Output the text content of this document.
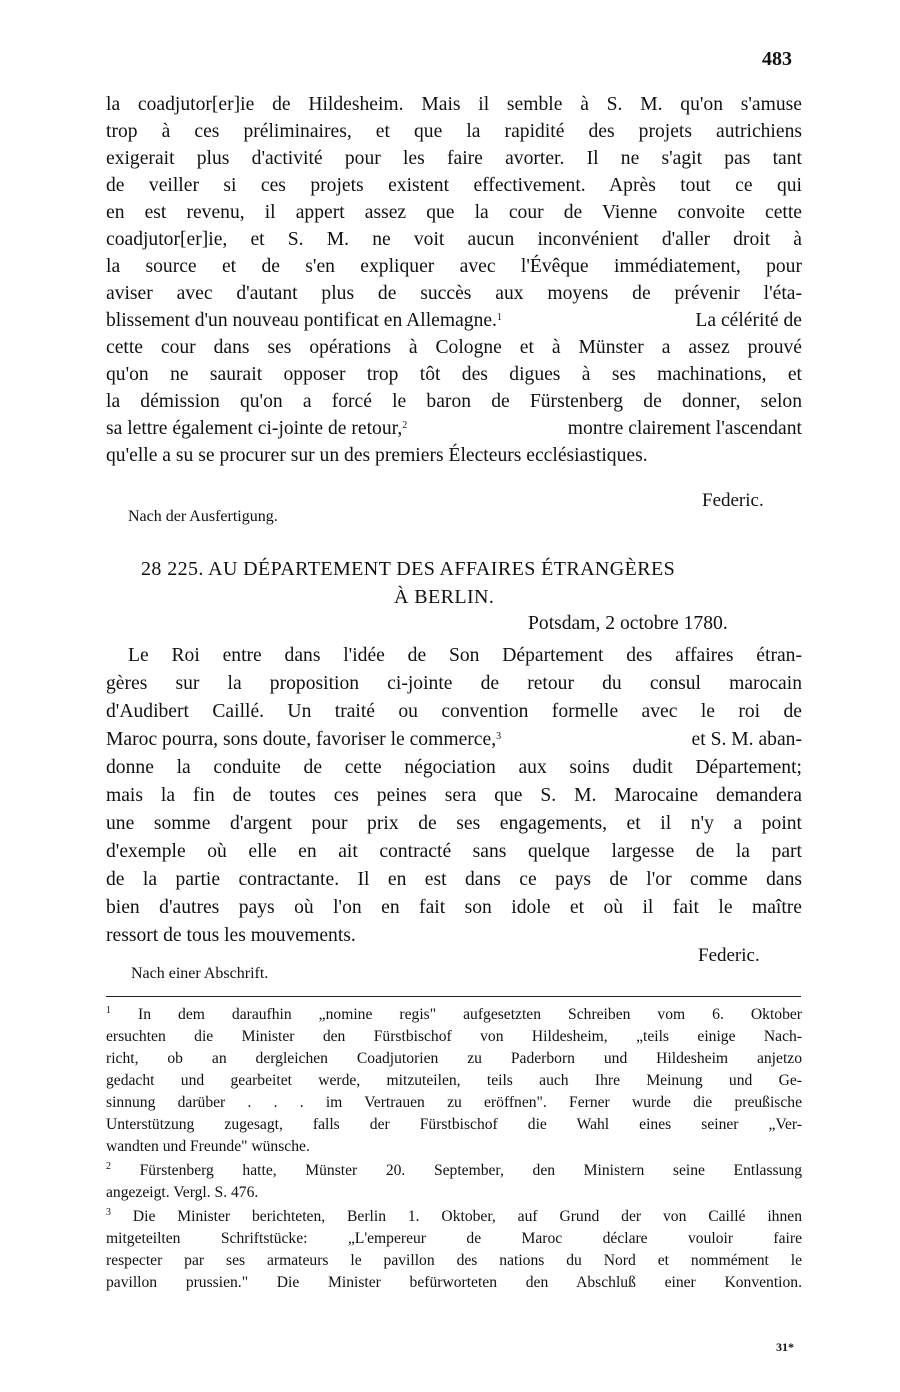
483
la coadjutor[er]ie de Hildesheim. Mais il semble à S. M. qu'on s'amuse
trop à ces préliminaires, et que la rapidité des projets autrichiens
exigerait plus d'activité pour les faire avorter. Il ne s'agit pas tant
de veiller si ces projets existent effectivement. Après tout ce qui
en est revenu, il appert assez que la cour de Vienne convoite cette
coadjutor[er]ie, et S. M. ne voit aucun inconvénient d'aller droit à
la source et de s'en expliquer avec l'Évêque immédiatement, pour
aviser avec d'autant plus de succès aux moyens de prévenir l'éta-
blissement d'un nouveau pontificat en Allemagne.$^1$	La célérité de
cette cour dans ses opérations à Cologne et à Münster a assez prouvé
qu'on ne saurait opposer trop tôt des digues à ses machinations, et
la démission qu'on a forcé le baron de Fürstenberg de donner, selon
sa lettre également ci-jointe de retour,$^2$	montre clairement l'ascendant
qu'elle a su se procurer sur un des premiers Électeurs ecclésiastiques.
Federic.
Nach der Ausfertigung.
28 225. AU DÉPARTEMENT DES AFFAIRES ÉTRANGÈRES
À BERLIN.
Potsdam, 2 octobre 1780.
Le Roi entre dans l'idée de Son Département des affaires étran-
gères sur la proposition ci-jointe de retour du consul marocain
d'Audibert Caillé. Un traité ou convention formelle avec le roi de
Maroc pourra, sons doute, favoriser le commerce,$^3$	et S. M. aban-
donne la conduite de cette négociation aux soins dudit Département;
mais la fin de toutes ces peines sera que S. M. Marocaine demandera
une somme d'argent pour prix de ses engagements, et il n'y a point
d'exemple où elle en ait contracté sans quelque largesse de la part
de la partie contractante. Il en est dans ce pays de l'or comme dans
bien d'autres pays où l'on en fait son idole et où il fait le maître
ressort de tous les mouvements.
Federic.
Nach einer Abschrift.
$^1$ In dem daraufhin „nomine regis" aufgesetzten Schreiben vom 6. Oktober
ersuchten die Minister den Fürstbischof von Hildesheim, „teils einige Nach-
richt, ob an dergleichen Coadjutorien zu Paderborn und Hildesheim anjetzo
gedacht und gearbeitet werde, mitzuteilen, teils auch Ihre Meinung und Ge-
sinnung darüber . . . im Vertrauen zu eröffnen". Ferner wurde die preußische
Unterstützung zugesagt, falls der Fürstbischof die Wahl eines seiner „Ver-
wandten und Freunde" wünsche.
$^2$ Fürstenberg hatte, Münster 20. September, den Ministern seine Entlassung
angezeigt. Vergl. S. 476.
$^3$ Die Minister berichteten, Berlin 1. Oktober, auf Grund der von Caillé ihnen
mitgeteilten Schriftstücke: „L'empereur de Maroc déclare vouloir faire
respecter par ses armateurs le pavillon des nations du Nord et nommément le
pavillon prussien." Die Minister befürworteten den Abschluß einer Konvention.
31*
